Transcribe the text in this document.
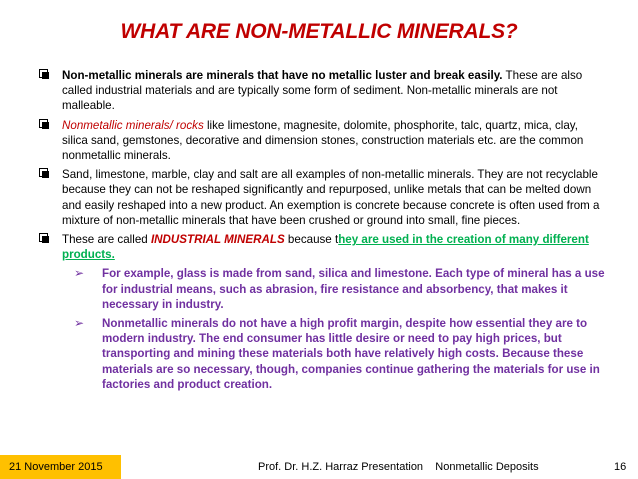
WHAT ARE NON-METALLIC MINERALS?
Non-metallic minerals are minerals that have no metallic luster and break easily. These are also called industrial materials and are typically some form of sediment. Non-metallic minerals are not malleable.
Nonmetallic minerals/ rocks like limestone, magnesite, dolomite, phosphorite, talc, quartz, mica, clay, silica sand, gemstones, decorative and dimension stones, construction materials etc. are the common nonmetallic minerals.
Sand, limestone, marble, clay and salt are all examples of non-metallic minerals. They are not recyclable because they can not be reshaped significantly and repurposed, unlike metals that can be melted down and easily reshaped into a new product. An exemption is concrete because concrete is often used from a mixture of non-metallic minerals that have been crushed or ground into small, fine pieces.
These are called INDUSTRIAL MINERALS because they are used in the creation of many different products.
➢ For example, glass is made from sand, silica and limestone. Each type of mineral has a use for industrial means, such as abrasion, fire resistance and absorbency, that makes it necessary in industry.
➢ Nonmetallic minerals do not have a high profit margin, despite how essential they are to modern industry. The end consumer has little desire or need to pay high prices, but transporting and mining these materials both have relatively high costs. Because these materials are so necessary, though, companies continue gathering the materials for use in factories and product creation.
21 November 2015	Prof. Dr. H.Z. Harraz Presentation Nonmetallic Deposits	16
